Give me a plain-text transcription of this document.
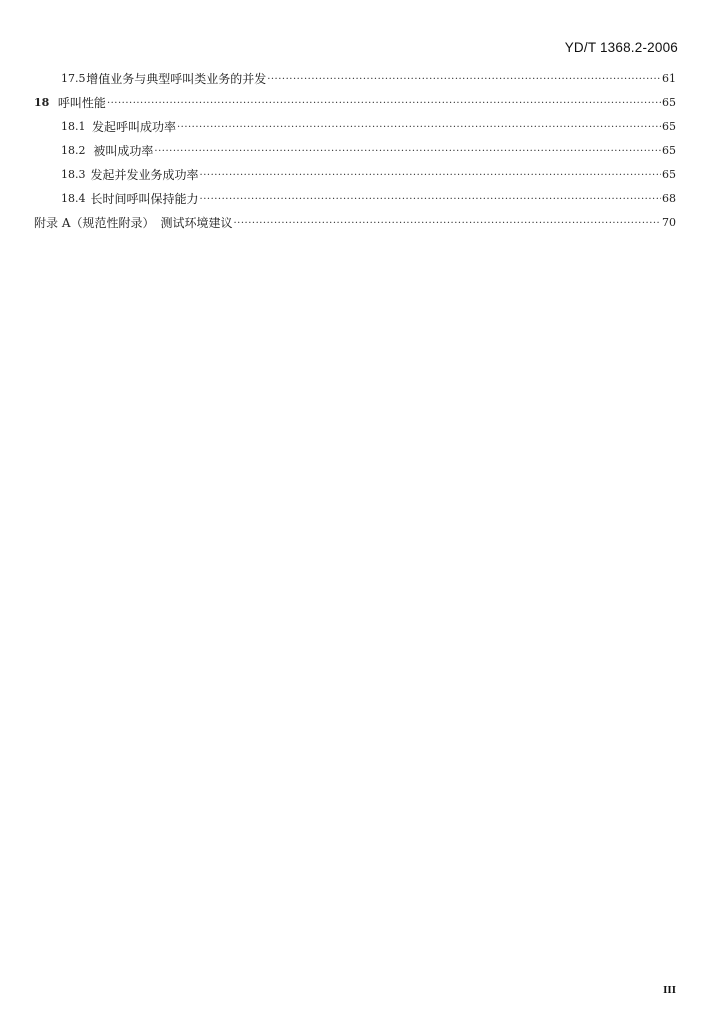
YD/T 1368.2-2006
17.5 增值业务与典型呼叫类业务的并发 ·····	61
18 呼叫性能 ·····	65
18.1 发起呼叫成功率 ·····	65
18.2 被叫成功率 ·····	65
18.3 发起并发业务成功率 ·····	65
18.4 长时间呼叫保持能力 ·····	68
附录 A （规范性附录）　测试环境建议 ·····	70
III
